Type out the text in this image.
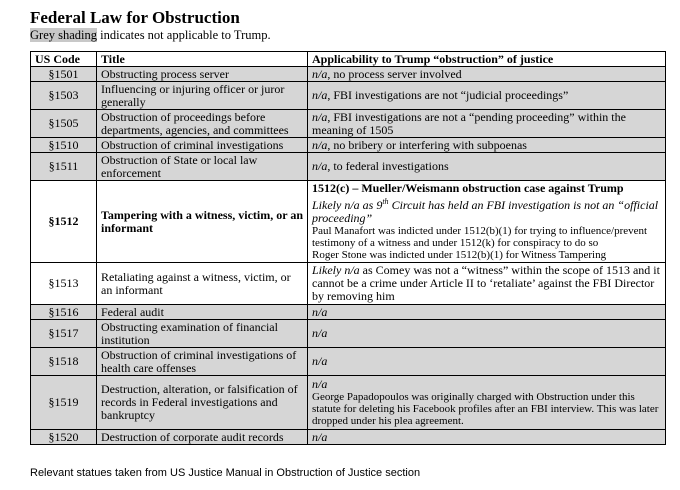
Federal Law for Obstruction
Grey shading indicates not applicable to Trump.
US Code	Title	Applicability to Trump “obstruction” of justice
§1501	Obstructing process server	n/a, no process server involved
§1503	Influencing or injuring officer or juror generally	n/a, FBI investigations are not “judicial proceedings”
§1505	Obstruction of proceedings before departments, agencies, and committees	n/a, FBI investigations are not a “pending proceeding” within the meaning of 1505
§1510	Obstruction of criminal investigations	n/a, no bribery or interfering with subpoenas
§1511	Obstruction of State or local law enforcement	n/a, to federal investigations
§1512	Tampering with a witness, victim, or an informant	1512(c) – Mueller/Weismann obstruction case against Trump
Likely n/a as 9th Circuit has held an FBI investigation is not an “official proceeding”
Paul Manafort was indicted under 1512(b)(1) for trying to influence/prevent testimony of a witness and under 1512(k) for conspiracy to do so
Roger Stone was indicted under 1512(b)(1) for Witness Tampering

§1513	Retaliating against a witness, victim, or an informant	Likely n/a as Comey was not a “witness” within the scope of 1513 and it cannot be a crime under Article II to ‘retaliate’ against the FBI Director by removing him
§1516	Federal audit	n/a
§1517	Obstructing examination of financial institution	n/a
§1518	Obstruction of criminal investigations of health care offenses	n/a
§1519	Destruction, alteration, or falsification of records in Federal investigations and bankruptcy	n/a
George Papadopoulos was originally charged with Obstruction under this statute for deleting his Facebook profiles after an FBI interview. This was later dropped under his plea agreement.

§1520	Destruction of corporate audit records	n/a
Relevant statues taken from US Justice Manual in Obstruction of Justice section
